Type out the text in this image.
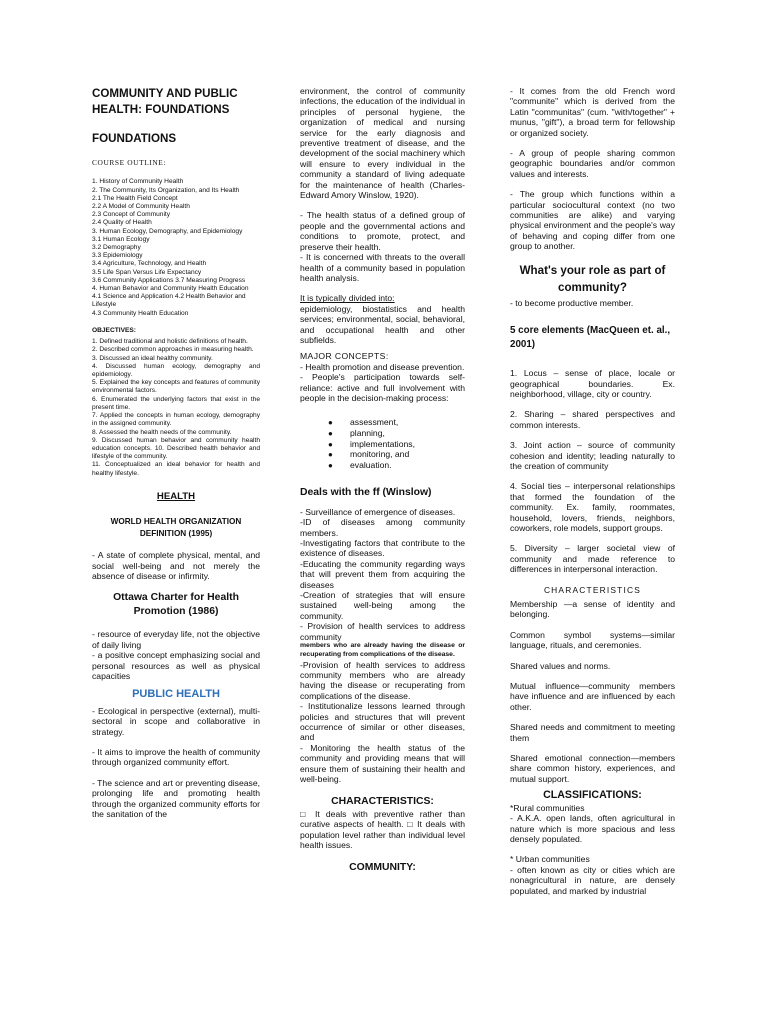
COMMUNITY AND PUBLIC HEALTH: FOUNDATIONS

FOUNDATIONS

COURSE OUTLINE:

1. History of Community Health

2. The Community, Its Organization, and Its Health

2.1 The Health Field Concept

2.2 A Model of Community Health

2.3 Concept of Community

2.4 Quality of Health

3. Human Ecology, Demography, and Epidemiology

3.1 Human Ecology

3.2 Demography

3.3 Epidemiology

3.4 Agriculture, Technology, and Health

3.5 Life Span Versus Life Expectancy

3.6 Community Applications 3.7 Measuring Progress

4. Human Behavior and Community Health Education

4.1 Science and Application 4.2 Health Behavior and Lifestyle

4.3 Community Health Education

OBJECTIVES:

1. Defined traditional and holistic definitions of health.

2. Described common approaches in measuring health.

3. Discussed an ideal healthy community.

4. Discussed human ecology, demography and epidemiology.

5. Explained the key concepts and features of community environmental factors.

6. Enumerated the underlying factors that exist in the present time.

7. Applied the concepts in human ecology, demography in the assigned community.

8. Assessed the health needs of the community.

9. Discussed human behavior and community health education concepts. 10. Described health behavior and lifestyle of the community.

11. Conceptualized an ideal behavior for health and healthy lifestyle.

HEALTH

WORLD HEALTH ORGANIZATION DEFINITION (1995)

- A state of complete physical, mental, and social well-being and not merely the absence of disease or infirmity.

Ottawa Charter for Health Promotion (1986)

- resource of everyday life, not the objective of daily living

- a positive concept emphasizing social and personal resources as well as physical capacities

PUBLIC HEALTH

- Ecological in perspective (external), multi-sectoral in scope and collaborative in strategy.

- It aims to improve the health of community through organized community effort.

- The science and art or preventing disease, prolonging life and promoting health through the organized community efforts for the sanitation of the

environment, the control of community infections, the education of the individual in principles of personal hygiene, the organization of medical and nursing service for the early diagnosis and preventive treatment of disease, and the development of the social machinery which will ensure to every individual in the community a standard of living adequate for the maintenance of health (Charles-Edward Amory Winslow, 1920).

- The health status of a defined group of people and the governmental actions and conditions to promote, protect, and preserve their health.

- It is concerned with threats to the overall health of a community based in population health analysis.

It is typically divided into:

epidemiology, biostatistics and health services; environmental, social, behavioral, and occupational health and other subfields.

MAJOR CONCEPTS:

- Health promotion and disease prevention.

- People's participation towards self-reliance: active and full involvement with people in the decision-making process:

● assessment,
● planning,
● implementations,
● monitoring, and
● evaluation.

Deals with the ff (Winslow)

- Surveillance of emergence of diseases.

-ID of diseases among community members.

-Investigating factors that contribute to the existence of diseases.

-Educating the community regarding ways that will prevent them from acquiring the diseases

-Creation of strategies that will ensure sustained well-being among the community.

- Provision of health services to address community

members who are already having the disease or recuperating from complications of the disease.

-Provision of health services to address community members who are already having the disease or recuperating from complications of the disease.

- Institutionalize lessons learned through policies and structures that will prevent occurrence of similar or other diseases, and

- Monitoring the health status of the community and providing means that will ensure them of sustaining their health and well-being.

CHARACTERISTICS:

□ It deals with preventive rather than curative aspects of health. □ It deals with population level rather than individual level health issues.

COMMUNITY:

- It comes from the old French word "communite" which is derived from the Latin "communitas" (cum. "with/together" + munus, "gift"), a broad term for fellowship or organized society.

- A group of people sharing common geographic boundaries and/or common values and interests.

- The group which functions within a particular sociocultural context (no two communities are alike) and varying physical environment and the people's way of behaving and coping differ from one group to another.

What's your role as part of community?

- to become productive member.

5 core elements (MacQueen et. al., 2001)

1. Locus – sense of place, locale or geographical boundaries. Ex. neighborhood, village, city or country.

2. Sharing – shared perspectives and common interests.

3. Joint action – source of community cohesion and identity; leading naturally to the creation of community

4. Social ties – interpersonal relationships that formed the foundation of the community. Ex. family, roommates, household, lovers, friends, neighbors, coworkers, role models, support groups.

5. Diversity – larger societal view of community and made reference to differences in interpersonal interaction.

CHARACTERISTICS

Membership —a sense of identity and belonging.

Common symbol systems—similar language, rituals, and ceremonies.

Shared values and norms.

Mutual influence—community members have influence and are influenced by each other.

Shared needs and commitment to meeting them

Shared emotional connection—members share common history, experiences, and mutual support.

CLASSIFICATIONS:

*Rural communities

- A.K.A. open lands, often agricultural in nature which is more spacious and less densely populated.

* Urban communities

- often known as city or cities which are nonagricultural in nature, are densely populated, and marked by industrial
